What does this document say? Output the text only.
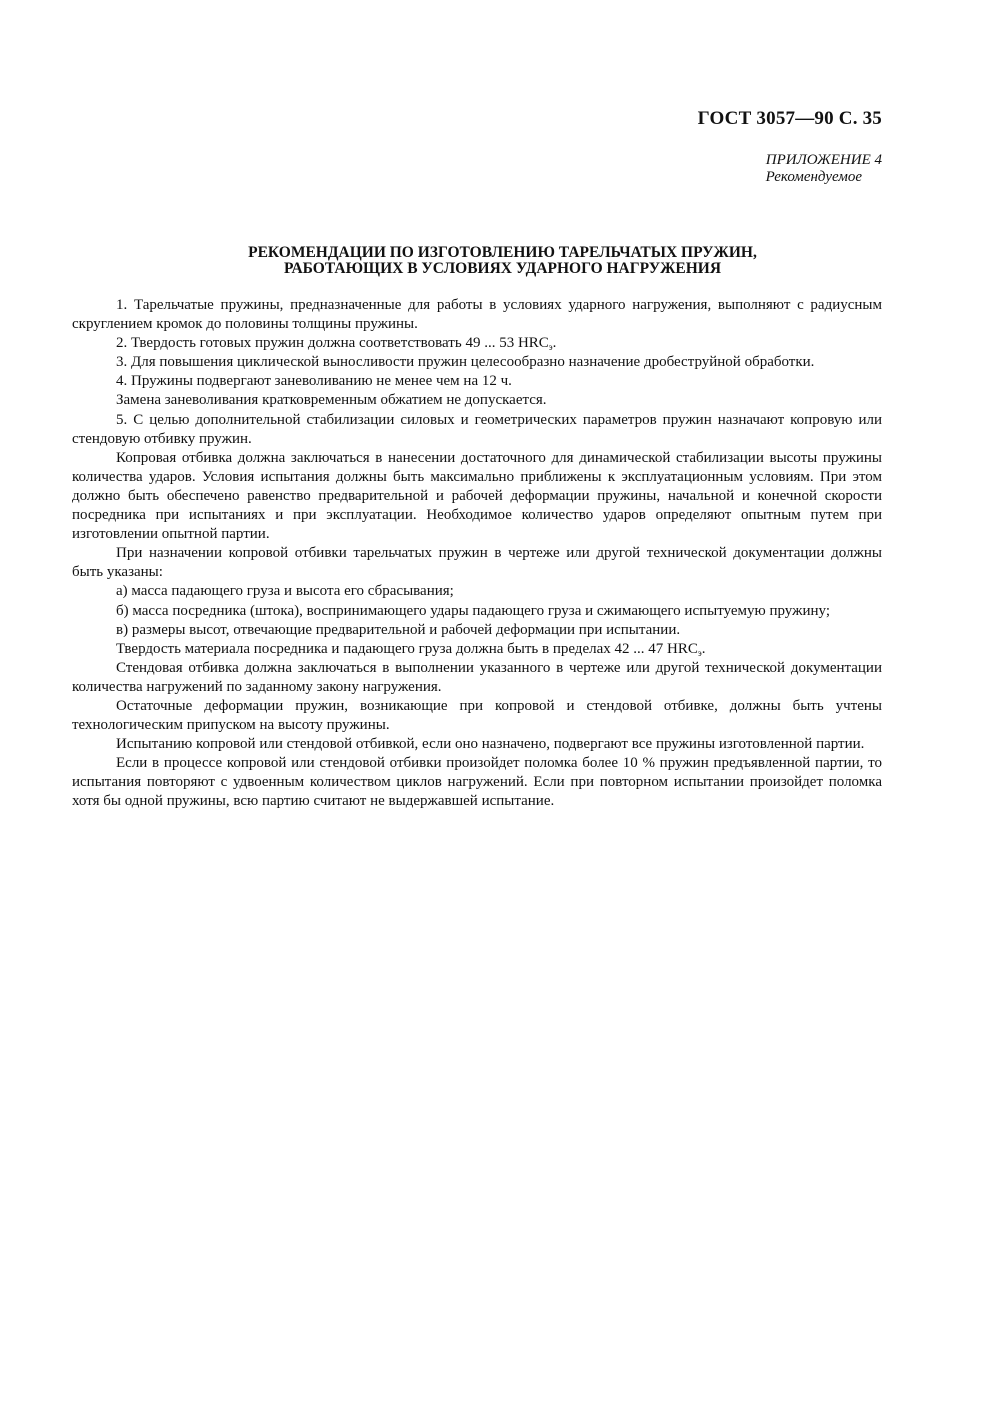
ГОСТ 3057—90 С. 35
ПРИЛОЖЕНИЕ 4
Рекомендуемое
РЕКОМЕНДАЦИИ ПО ИЗГОТОВЛЕНИЮ ТАРЕЛЬЧАТЫХ ПРУЖИН,
РАБОТАЮЩИХ В УСЛОВИЯХ УДАРНОГО НАГРУЖЕНИЯ

1. Тарельчатые пружины, предназначенные для работы в условиях ударного нагружения, выполняют с радиусным скруглением кромок до половины толщины пружины.

2. Твердость готовых пружин должна соответствовать 49 ... 53 $HRC_э$.

3. Для повышения циклической выносливости пружин целесообразно назначение дробеструйной обработки.

4. Пружины подвергают заневоливанию не менее чем на 12 ч.

Замена заневоливания кратковременным обжатием не допускается.

5. С целью дополнительной стабилизации силовых и геометрических параметров пружин назначают копровую или стендовую отбивку пружин.

Копровая отбивка должна заключаться в нанесении достаточного для динамической стабилизации высоты пружины количества ударов. Условия испытания должны быть максимально приближены к эксплуатационным условиям. При этом должно быть обеспечено равенство предварительной и рабочей деформации пружины, начальной и конечной скорости посредника при испытаниях и при эксплуатации. Необходимое количество ударов определяют опытным путем при изготовлении опытной партии.

При назначении копровой отбивки тарельчатых пружин в чертеже или другой технической документации должны быть указаны:

а) масса падающего груза и высота его сбрасывания;

б) масса посредника (штока), воспринимающего удары падающего груза и сжимающего испытуемую пружину;

в) размеры высот, отвечающие предварительной и рабочей деформации при испытании.

Твердость материала посредника и падающего груза должна быть в пределах 42 ... 47 $HRC_э$.

Стендовая отбивка должна заключаться в выполнении указанного в чертеже или другой технической документации количества нагружений по заданному закону нагружения.

Остаточные деформации пружин, возникающие при копровой и стендовой отбивке, должны быть учтены технологическим припуском на высоту пружины.

Испытанию копровой или стендовой отбивкой, если оно назначено, подвергают все пружины изготовленной партии.

Если в процессе копровой или стендовой отбивки произойдет поломка более 10 % пружин предъявленной партии, то испытания повторяют с удвоенным количеством циклов нагружений. Если при повторном испытании произойдет поломка хотя бы одной пружины, всю партию считают не выдержавшей испытание.
